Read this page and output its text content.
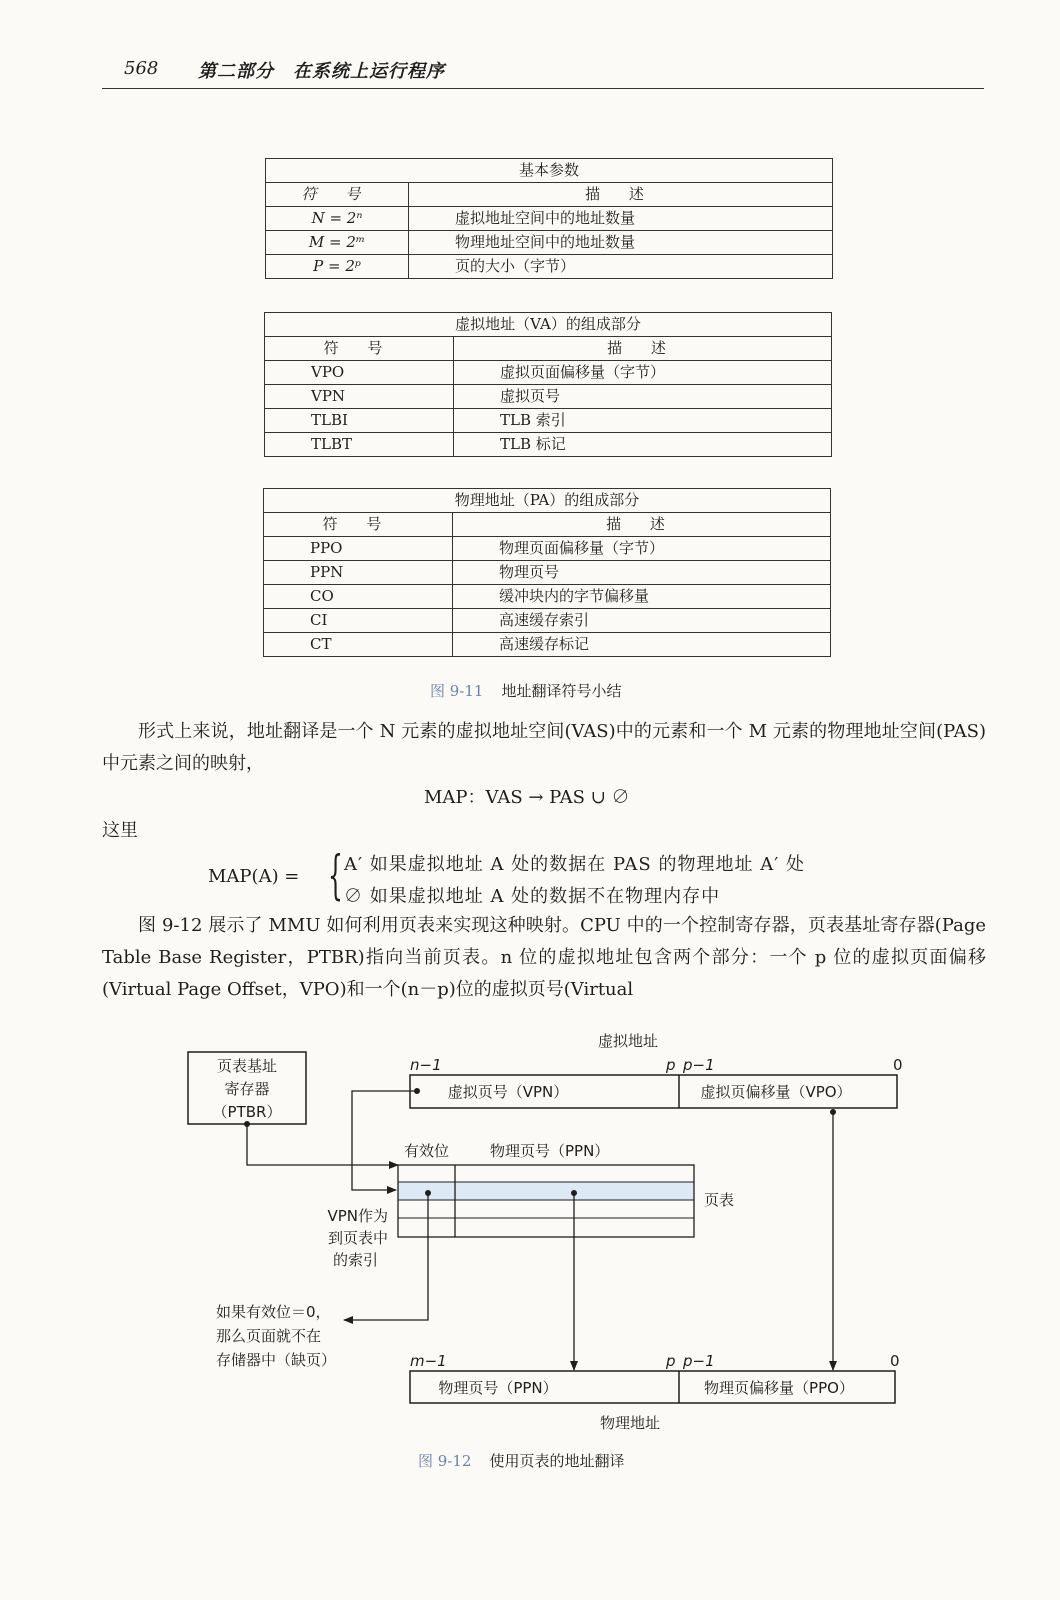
568 第二部分　在系统上运行程序
基本参数	
符 号	描 述
N = 2ⁿ	虚拟地址空间中的地址数量
M = 2ᵐ	物理地址空间中的地址数量
P = 2ᵖ	页的大小（字节）
虚拟地址（VA）的组成部分	
符 号	描 述
VPO	虚拟页面偏移量（字节）
VPN	虚拟页号
TLBI	TLB 索引
TLBT	TLB 标记
物理地址（PA）的组成部分	
符 号	描 述
PPO	物理页面偏移量（字节）
PPN	物理页号
CO	缓冲块内的字节偏移量
CI	高速缓存索引
CT	高速缓存标记
图 9-11 地址翻译符号小结

形式上来说，地址翻译是一个 N 元素的虚拟地址空间(VAS)中的元素和一个 M 元素的物理地址空间(PAS)中元素之间的映射，

MAP：VAS → PAS ∪ ∅
这里
MAP(A) = { A′ 如果虚拟地址 A 处的数据在 PAS 的物理地址 A′ 处
∅ 如果虚拟地址 A 处的数据不在物理内存中

图 9-12 展示了 MMU 如何利用页表来实现这种映射。CPU 中的一个控制寄存器，页表基址寄存器(Page Table Base Register，PTBR)指向当前页表。n 位的虚拟地址包含两个部分：一个 p 位的虚拟页面偏移(Virtual Page Offset，VPO)和一个(n－p)位的虚拟页号(Virtual

虚拟地址
页表基址
寄存器
（PTBR）
n−1	p p−1	0
虚拟页号（VPN）	虚拟页偏移量（VPO）
有效位	物理页号（PPN）
页表
VPN作为
到页表中
的索引
如果有效位＝0，
那么页面就不在
存储器中（缺页）	m−1	p p−1	0
物理页号（PPN）	物理页偏移量（PPO）
物理地址
图 9-12 使用页表的地址翻译
